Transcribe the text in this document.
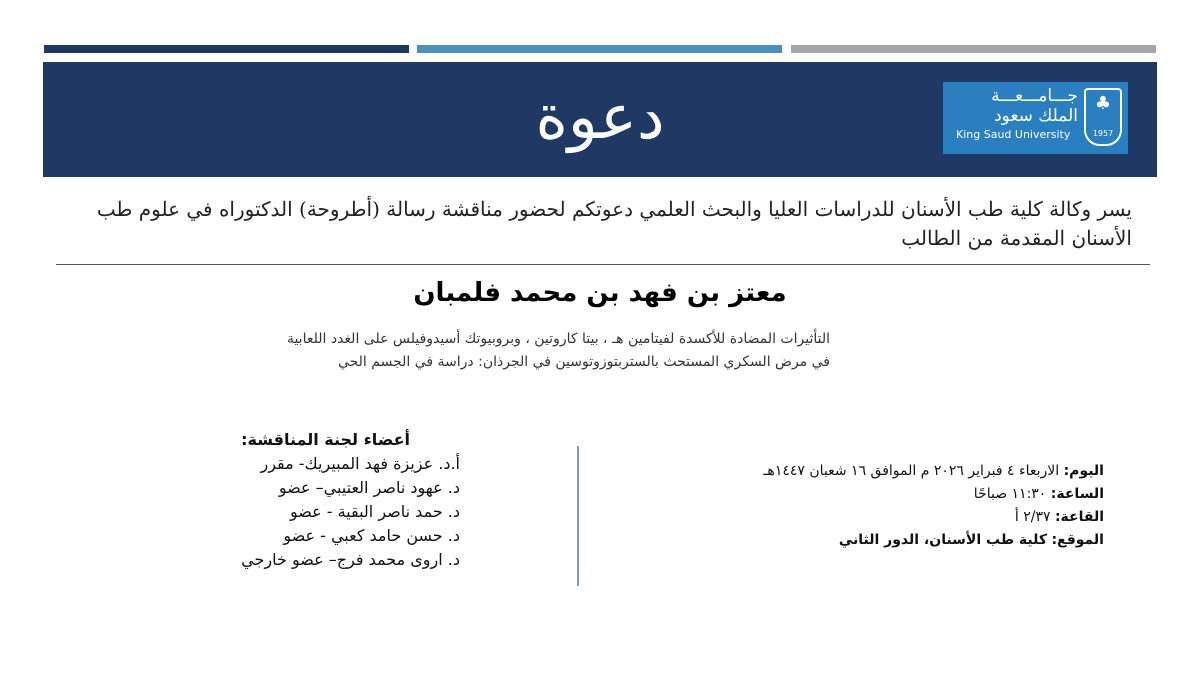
دعوة	جـــامـــعـــة
الملك سعود
King Saud University
♣
1957
يسر وكالة كلية طب الأسنان للدراسات العليا والبحث العلمي دعوتكم لحضور مناقشة رسالة (أطروحة) الدكتوراه في علوم طب الأسنان المقدمة من الطالب
معتز بن فهد بن محمد فلمبان
التأثيرات المضادة للأكسدة لفيتامين هـ ، بيتا كاروتين ، وبروبيوتك أسيدوفيلس على الغدد اللعابية
في مرض السكري المستحث بالستربتوزوتوسين في الجرذان: دراسة في الجسم الحي
أعضاء لجنة المناقشة:
أ.د. عزيزة فهد المبيريك- مقرر
د. عهود ناصر العتيبي– عضو
د. حمد ناصر البقية - عضو
د. حسن حامد كعبي - عضو
د. اروى محمد فرج– عضو خارجي
اليوم: الاربعاء ٤ فبراير ٢٠٢٦ م الموافق ١٦ شعبان ١٤٤٧هـ
الساعة: ١١:٣٠ صباحًا
القاعة: ٢/٣٧ أ
الموقع: كلية طب الأسنان، الدور الثاني
